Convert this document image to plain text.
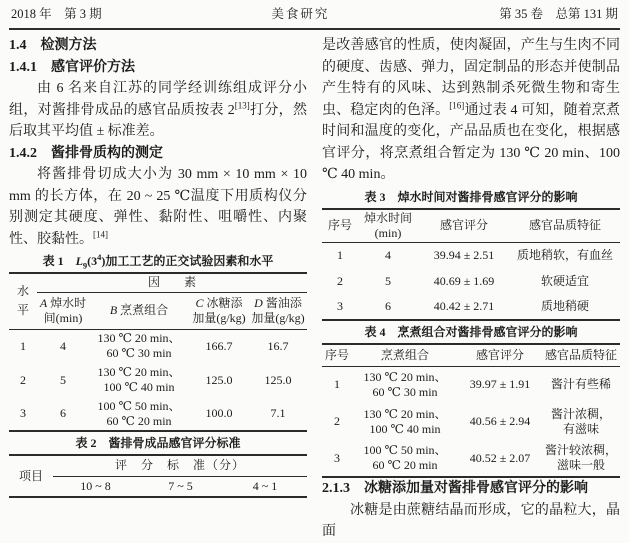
2018 年　第 3 期	美食研究	第 35 卷　总第 131 期
1.4　检测方法
1.4.1　感官评价方法

由 6 名来自江苏的同学经训练组成评分小组，对酱排骨成品的感官品质按表 2[13]打分，然后取其平均值 ± 标准差。

1.4.2　酱排骨质构的测定

将酱排骨切成大小为 30 mm × 10 mm × 10 mm 的长方体，在 20 ~ 25 ℃温度下用质构仪分别测定其硬度、弹性、黏附性、咀嚼性、内聚性、胶黏性。[14]

表 1　$L_9(3^4)$加工工艺的正交试验因素和水平
水平	因　　素			
	A 焯水时间(min)	B 烹煮组合	C 冰糖添加量(g/kg)	D 酱油添加量(g/kg)
1	4	130 ℃ 20 min、
60 ℃ 30 min	166.7	16.7
2	5	130 ℃ 20 min、
100 ℃ 40 min	125.0	125.0
3	6	100 ℃ 50 min、
60 ℃ 20 min	100.0	7.1
表 2　酱排骨成品感官评分标准
项目	评　分　标　准（分）		
	10 ~ 8	7 ~ 5	4 ~ 1

是改善感官的性质，使肉凝固，产生与生肉不同的硬度、齿感、弹力，固定制品的形态并使制品产生特有的风味、达到熟制杀死微生物和寄生虫、稳定肉的色泽。[16]通过表 4 可知，随着烹煮时间和温度的变化，产品品质也在变化，根据感官评分，将烹煮组合暂定为 130 ℃ 20 min、100 ℃ 40 min。

表 3　焯水时间对酱排骨感官评分的影响
序号	焯水时间
(min)	感官评分	感官品质特征
1	4	39.94 ± 2.51	质地稍软，有血丝
2	5	40.69 ± 1.69	软硬适宜
3	6	40.42 ± 2.71	质地稍硬
表 4　烹煮组合对酱排骨感官评分的影响
序号	烹煮组合	感官评分	感官品质特征
1	130 ℃ 20 min、
60 ℃ 30 min	39.97 ± 1.91	酱汁有些稀

2	130 ℃ 20 min、
100 ℃ 40 min	40.56 ± 2.94	酱汁浓稠，
有滋味

3	100 ℃ 50 min、
60 ℃ 20 min	40.52 ± 2.07	酱汁较浓稠，
滋味一般
2.1.3　冰糖添加量对酱排骨感官评分的影响

冰糖是由蔗糖结晶而形成，它的晶粒大，晶面
